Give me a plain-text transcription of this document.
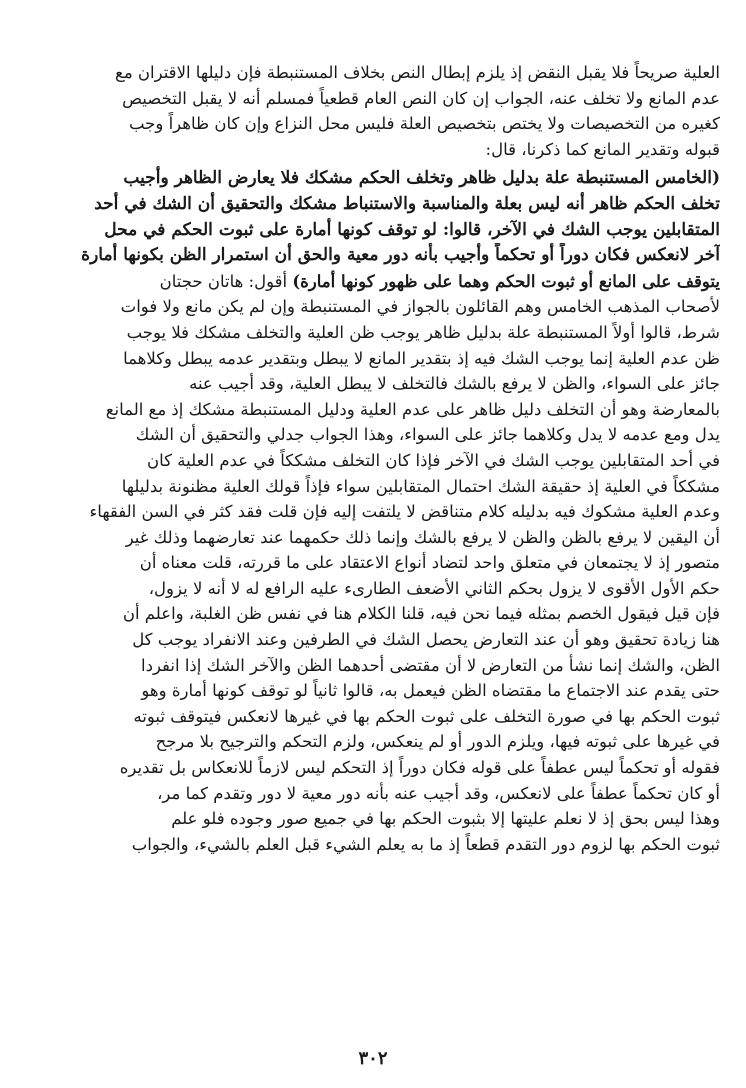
العلية صريحاً فلا يقبل النقض إذ يلزم إبطال النص بخلاف المستنبطة فإن دليلها الاقتران مع
عدم المانع ولا تخلف عنه، الجواب إن كان النص العام قطعياً فمسلم أنه لا يقبل التخصيص
كغيره من التخصيصات ولا يختص بتخصيص العلة فليس محل النزاع وإن كان ظاهراً وجب
قبوله وتقدير المانع كما ذكرنا، قال:
(الخامس المستنبطة علة بدليل ظاهر وتخلف الحكم مشكك فلا يعارض الظاهر وأجيب
تخلف الحكم ظاهر أنه ليس بعلة والمناسبة والاستنباط مشكك والتحقيق أن الشك في أحد
المتقابلين يوجب الشك في الآخر، قالوا: لو توقف كونها أمارة على ثبوت الحكم في محل
آخر لانعكس فكان دوراً أو تحكماً وأجيب بأنه دور معية والحق أن استمرار الظن بكونها أمارة
يتوقف على المانع أو ثبوت الحكم وهما على ظهور كونها أمارة) أقول: هاتان حجتان
لأصحاب المذهب الخامس وهم القائلون بالجواز في المستنبطة وإن لم يكن مانع ولا فوات
شرط، قالوا أولاً المستنبطة علة بدليل ظاهر يوجب ظن العلية والتخلف مشكك فلا يوجب
ظن عدم العلية إنما يوجب الشك فيه إذ بتقدير المانع لا يبطل وبتقدير عدمه يبطل وكلاهما
جائز على السواء، والظن لا يرفع بالشك فالتخلف لا يبطل العلية، وقد أجيب عنه
بالمعارضة وهو أن التخلف دليل ظاهر على عدم العلية ودليل المستنبطة مشكك إذ مع المانع
يدل ومع عدمه لا يدل وكلاهما جائز على السواء، وهذا الجواب جدلي والتحقيق أن الشك
في أحد المتقابلين يوجب الشك في الآخر فإذا كان التخلف مشككاً في عدم العلية كان
مشككاً في العلية إذ حقيقة الشك احتمال المتقابلين سواء فإذاً قولك العلية مظنونة بدليلها
وعدم العلية مشكوك فيه بدليله كلام متناقض لا يلتفت إليه فإن قلت فقد كثر في السن الفقهاء
أن اليقين لا يرفع بالظن والظن لا يرفع بالشك وإنما ذلك حكمهما عند تعارضهما وذلك غير
متصور إذ لا يجتمعان في متعلق واحد لتضاد أنواع الاعتقاد على ما قررته، قلت معناه أن
حكم الأول الأقوى لا يزول بحكم الثاني الأضعف الطارىء عليه الرافع له لا أنه لا يزول،
فإن قيل فيقول الخصم بمثله فيما نحن فيه، قلنا الكلام هنا في نفس ظن الغلبة، واعلم أن
هنا زيادة تحقيق وهو أن عند التعارض يحصل الشك في الطرفين وعند الانفراد يوجب كل
الظن، والشك إنما نشأ من التعارض لا أن مقتضى أحدهما الظن والآخر الشك إذا انفردا
حتى يقدم عند الاجتماع ما مقتضاه الظن فيعمل به، قالوا ثانياً لو توقف كونها أمارة وهو
ثبوت الحكم بها في صورة التخلف على ثبوت الحكم بها في غيرها لانعكس فيتوقف ثبوته
في غيرها على ثبوته فيها، ويلزم الدور أو لم ينعكس، ولزم التحكم والترجيح بلا مرجح
فقوله أو تحكماً ليس عطفاً على قوله فكان دوراً إذ التحكم ليس لازماً للانعكاس بل تقديره
أو كان تحكماً عطفاً على لانعكس، وقد أجيب عنه بأنه دور معية لا دور وتقدم كما مر،
وهذا ليس بحق إذ لا نعلم عليتها إلا بثبوت الحكم بها في جميع صور وجوده فلو علم
ثبوت الحكم بها لزوم دور التقدم قطعاً إذ ما به يعلم الشيء قبل العلم بالشيء، والجواب
٣٠٢
